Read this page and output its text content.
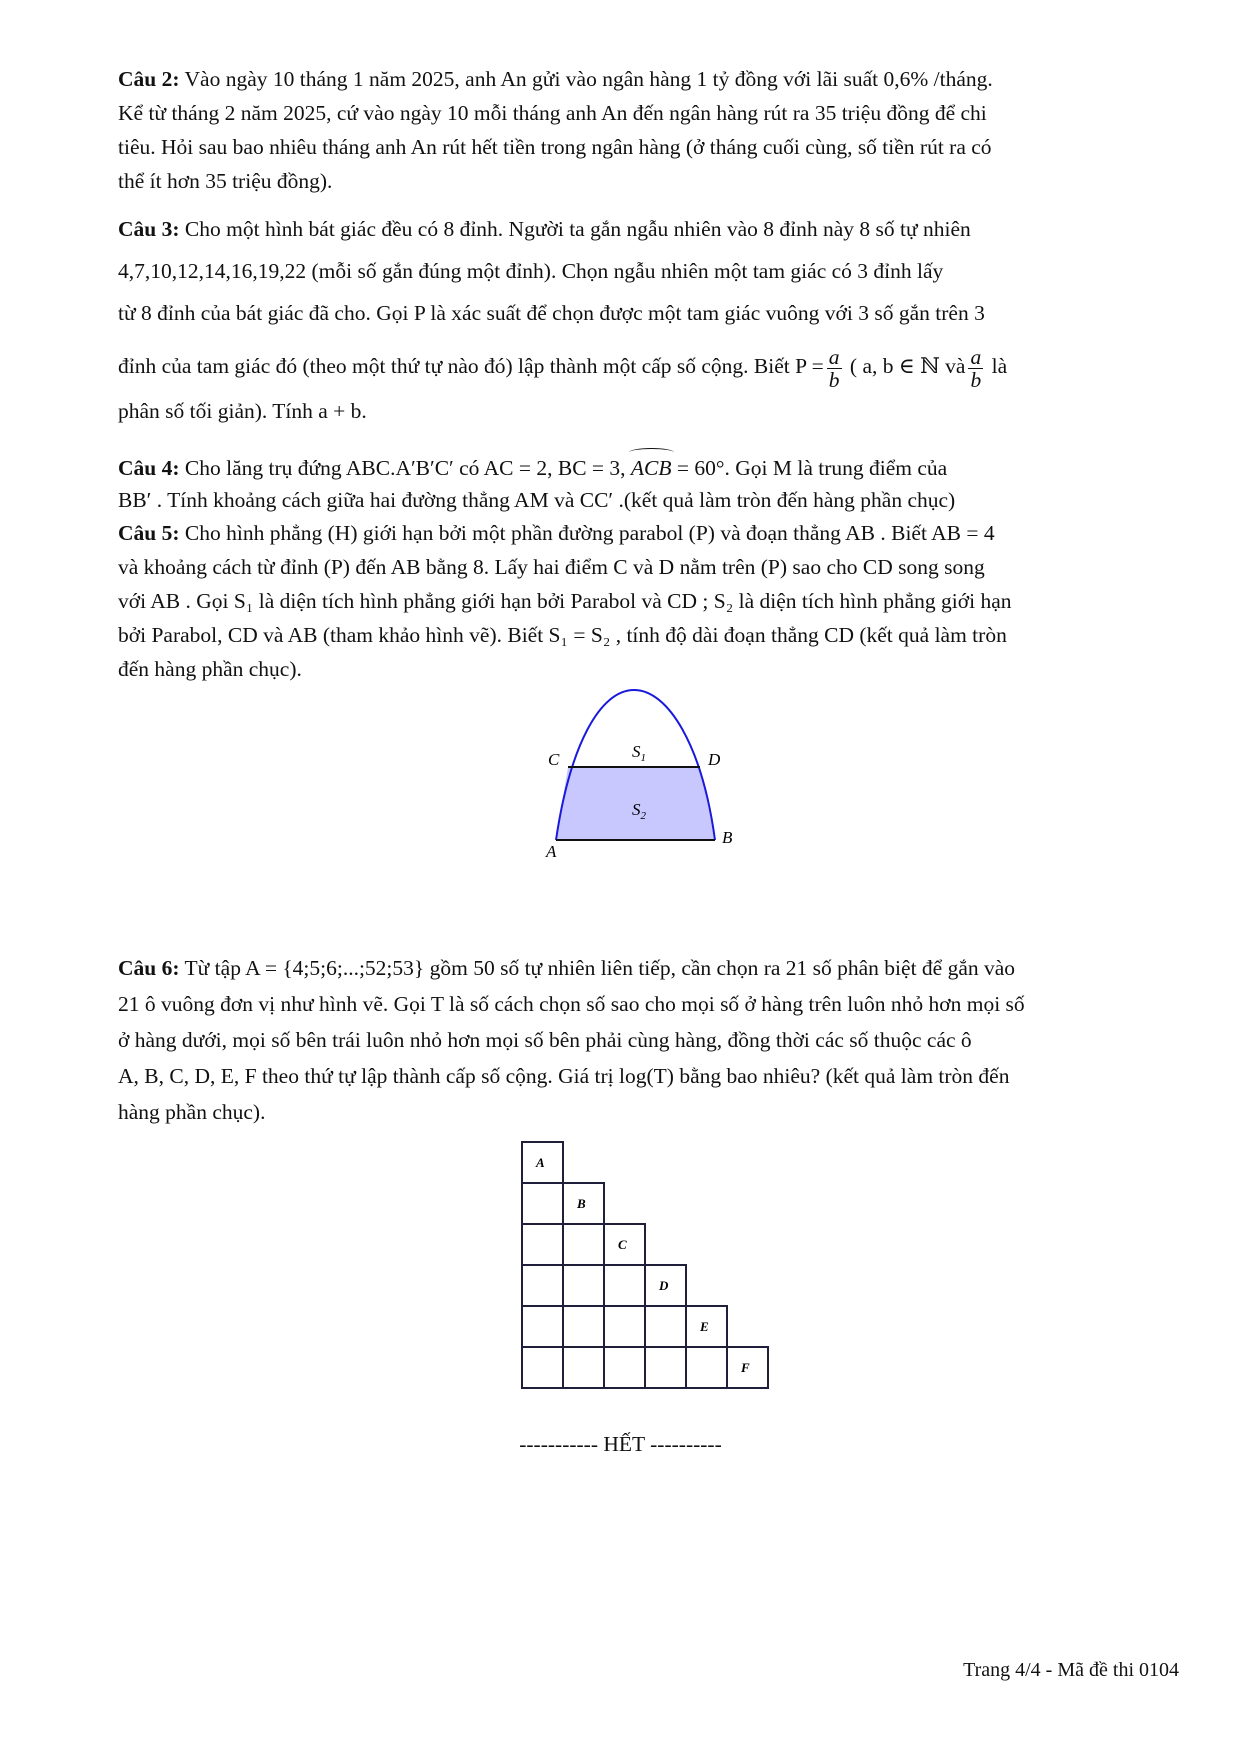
Câu 2: Vào ngày 10 tháng 1 năm 2025, anh An gửi vào ngân hàng 1 tỷ đồng với lãi suất 0,6% /tháng.
Kể từ tháng 2 năm 2025, cứ vào ngày 10 mỗi tháng anh An đến ngân hàng rút ra 35 triệu đồng để chi
tiêu. Hỏi sau bao nhiêu tháng anh An rút hết tiền trong ngân hàng (ở tháng cuối cùng, số tiền rút ra có
thể ít hơn 35 triệu đồng).
Câu 3: Cho một hình bát giác đều có 8 đỉnh. Người ta gắn ngẫu nhiên vào 8 đỉnh này 8 số tự nhiên
4,7,10,12,14,16,19,22 (mỗi số gắn đúng một đỉnh). Chọn ngẫu nhiên một tam giác có 3 đỉnh lấy
từ 8 đỉnh của bát giác đã cho. Gọi P là xác suất để chọn được một tam giác vuông với 3 số gắn trên 3
đỉnh của tam giác đó (theo một thứ tự nào đó) lập thành một cấp số cộng. Biết $P = \frac{a}{b}$ ( a, b ∈ ℕ và $\frac{a}{b}$ là
phân số tối giản). Tính a + b.
Câu 4: Cho lăng trụ đứng ABC.A′B′C′ có AC = 2, BC = 3, ACB = 60°. Gọi M là trung điểm của
BB′ . Tính khoảng cách giữa hai đường thẳng AM và CC′ .(kết quả làm tròn đến hàng phần chục)
Câu 5: Cho hình phẳng (H) giới hạn bởi một phần đường parabol (P) và đoạn thẳng AB . Biết AB = 4
và khoảng cách từ đỉnh (P) đến AB bằng 8. Lấy hai điểm C và D nằm trên (P) sao cho CD song song
với AB . Gọi S₁ là diện tích hình phẳng giới hạn bởi Parabol và CD ; S₂ là diện tích hình phẳng giới hạn
bởi Parabol, CD và AB (tham khảo hình vẽ). Biết S₁ = S₂ , tính độ dài đoạn thẳng CD (kết quả làm tròn
đến hàng phần chục).
$S_1$
$S_2$
C	D
A
B
Câu 6: Từ tập A = {4;5;6;...;52;53} gồm 50 số tự nhiên liên tiếp, cần chọn ra 21 số phân biệt để gắn vào
21 ô vuông đơn vị như hình vẽ. Gọi T là số cách chọn số sao cho mọi số ở hàng trên luôn nhỏ hơn mọi số
ở hàng dưới, mọi số bên trái luôn nhỏ hơn mọi số bên phải cùng hàng, đồng thời các số thuộc các ô
A, B, C, D, E, F theo thứ tự lập thành cấp số cộng. Giá trị log(T) bằng bao nhiêu? (kết quả làm tròn đến
hàng phần chục).
A
B
C
D
E
F
----------- HẾT ----------
Trang 4/4 - Mã đề thi 0104
